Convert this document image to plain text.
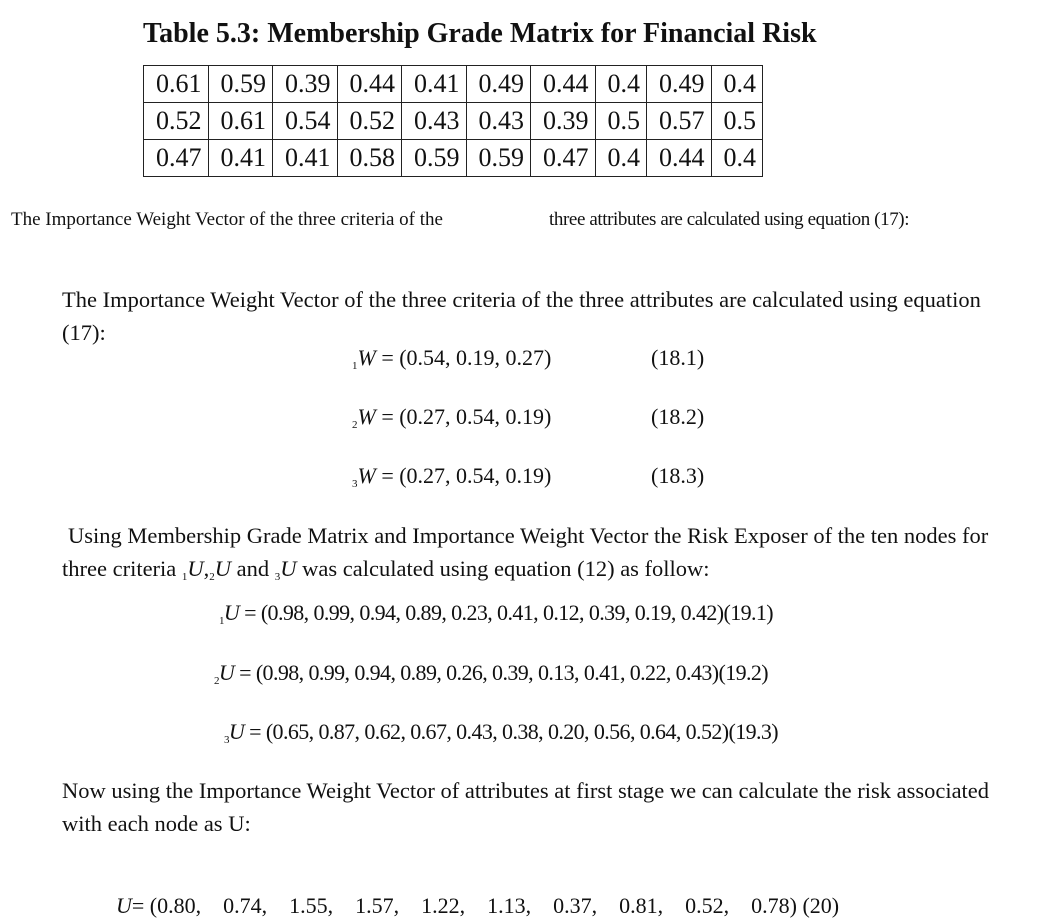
Table 5.3: Membership Grade Matrix for Financial Risk
0.61	0.59	0.39	0.44	0.41	0.49	0.44	0.4	0.49	0.4
0.52	0.61	0.54	0.52	0.43	0.43	0.39	0.5	0.57	0.5
0.47	0.41	0.41	0.58	0.59	0.59	0.47	0.4	0.44	0.4
The Importance Weight Vector of the three criteria of the	three attributes are calculated using equation (17):
The Importance Weight Vector of the three criteria of the three attributes are calculated using equation (17):
1W = (0.54, 0.19, 0.27)	(18.1)
2W = (0.27, 0.54, 0.19)	(18.2)
3W = (0.27, 0.54, 0.19)	(18.3)
Using Membership Grade Matrix and Importance Weight Vector the Risk Exposer of the ten nodes for three criteria 1U,2U and 3U was calculated using equation (12) as follow:
1U = (0.98, 0.99, 0.94, 0.89, 0.23, 0.41, 0.12, 0.39, 0.19, 0.42)(19.1)
2U = (0.98, 0.99, 0.94, 0.89, 0.26, 0.39, 0.13, 0.41, 0.22, 0.43)(19.2)
3U = (0.65, 0.87, 0.62, 0.67, 0.43, 0.38, 0.20, 0.56, 0.64, 0.52)(19.3)
Now using the Importance Weight Vector of attributes at first stage we can calculate the risk associated with each node as U:

U= (0.80,    0.74,    1.55,    1.57,    1.22,    1.13,    0.37,    0.81,    0.52,    0.78) (20)
